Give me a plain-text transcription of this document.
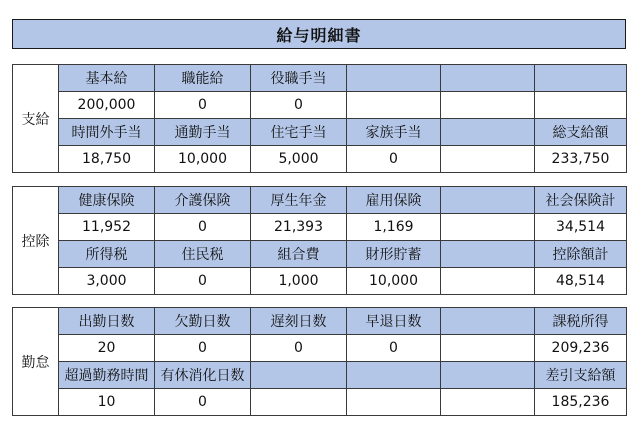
給与明細書
支給	基本給	職能給	役職手当			
	200,000	0	0			
	時間外手当	通勤手当	住宅手当	家族手当		総支給額
	18,750	10,000	5,000	0		233,750
控除	健康保険	介護保険	厚生年金	雇用保険		社会保険計
	11,952	0	21,393	1,169		34,514
	所得税	住民税	組合費	財形貯蓄		控除額計
	3,000	0	1,000	10,000		48,514
勤怠	出勤日数	欠勤日数	遅刻日数	早退日数		課税所得
	20	0	0	0		209,236
	超過勤務時間	有休消化日数				差引支給額
	10	0				185,236
